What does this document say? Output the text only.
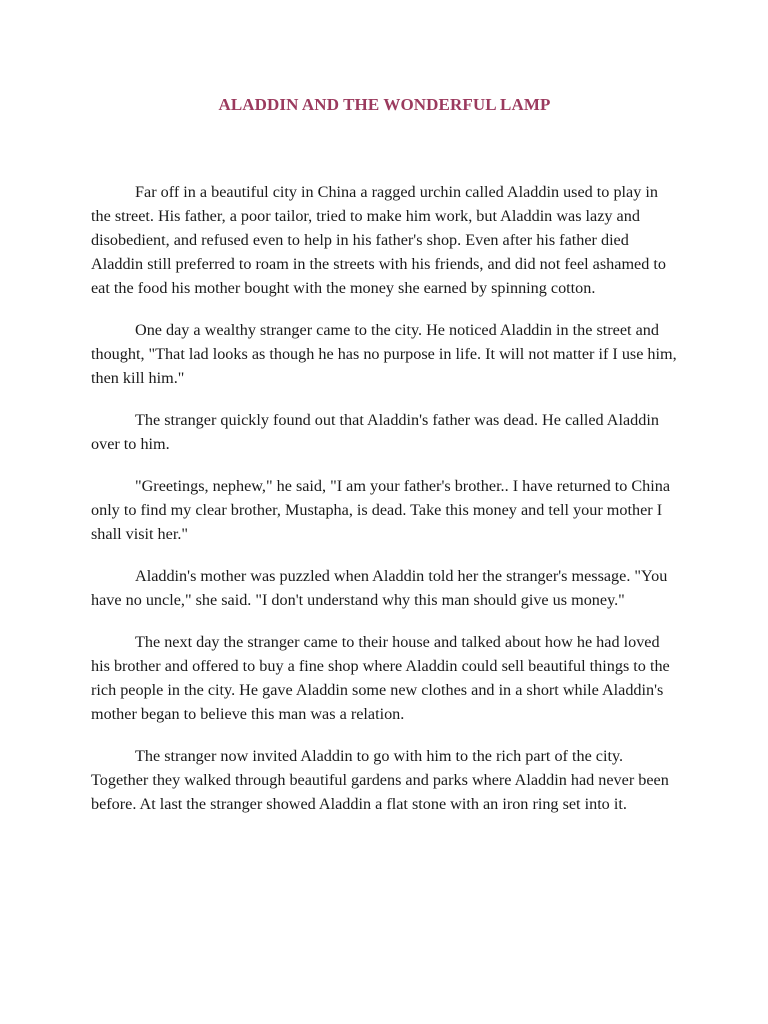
ALADDIN AND THE WONDERFUL LAMP

Far off in a beautiful city in China a ragged urchin called Aladdin used to play in the street. His father, a poor tailor, tried to make him work, but Aladdin was lazy and disobedient, and refused even to help in his father's shop. Even after his father died Aladdin still preferred to roam in the streets with his friends, and did not feel ashamed to eat the food his mother bought with the money she earned by spinning cotton.

One day a wealthy stranger came to the city. He noticed Aladdin in the street and thought, "That lad looks as though he has no purpose in life. It will not matter if I use him, then kill him."

The stranger quickly found out that Aladdin's father was dead. He called Aladdin over to him.

"Greetings, nephew," he said, "I am your father's brother.. I have returned to China only to find my clear brother, Mustapha, is dead. Take this money and tell your mother I shall visit her."

Aladdin's mother was puzzled when Aladdin told her the stranger's message. "You have no uncle," she said. "I don't understand why this man should give us money."

The next day the stranger came to their house and talked about how he had loved his brother and offered to buy a fine shop where Aladdin could sell beautiful things to the rich people in the city. He gave Aladdin some new clothes and in a short while Aladdin's mother began to believe this man was a relation.

The stranger now invited Aladdin to go with him to the rich part of the city. Together they walked through beautiful gardens and parks where Aladdin had never been before. At last the stranger showed Aladdin a flat stone with an iron ring set into it.
